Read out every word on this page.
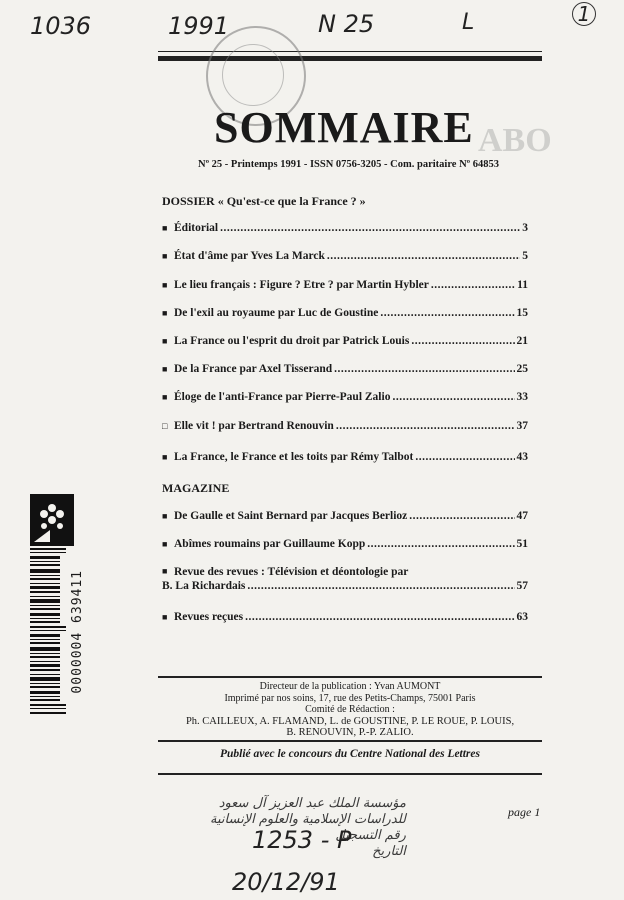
1036	1991	N 25	L	1
ABO
SOMMAIRE
Nº 25 - Printemps 1991 - ISSN 0756-3205 - Com. paritaire Nº 64853
DOSSIER « Qu'est-ce que la France ? »
■ Éditorial .....	3
■ État d'âme par Yves La Marck .....	5
■ Le lieu français : Figure ? Etre ? par Martin Hybler .....	11
■ De l'exil au royaume par Luc de Goustine .....	15
■ La France ou l'esprit du droit par Patrick Louis .....	21
■ De la France par Axel Tisserand .....	25
■ Éloge de l'anti-France par Pierre-Paul Zalio .....	33
□ Elle vit ! par Bertrand Renouvin .....	37
■ La France, le France et les toits par Rémy Talbot .....	43
MAGAZINE
■ De Gaulle et Saint Bernard par Jacques Berlioz .....	47
■ Abîmes roumains par Guillaume Kopp .....	51
■ Revue des revues : Télévision et déontologie par
B. La Richardais .....	57
■ Revues reçues .....	63
Directeur de la publication : Yvan AUMONT
Imprimé par nos soins, 17, rue des Petits-Champs, 75001 Paris
Comité de Rédaction :
Ph. CAILLEUX, A. FLAMAND, L. de GOUSTINE, P. LE ROUE, P. LOUIS,
B. RENOUVIN, P.-P. ZALIO.
Publié avec le concours du Centre National des Lettres
page 1
0000004 639411
مؤسسة الملك عبد العزيز آل سعود
للدراسات الإسلامية والعلوم الإنسانية
رقم التسجيل
التاريخ
1253 - P
20/12/91
